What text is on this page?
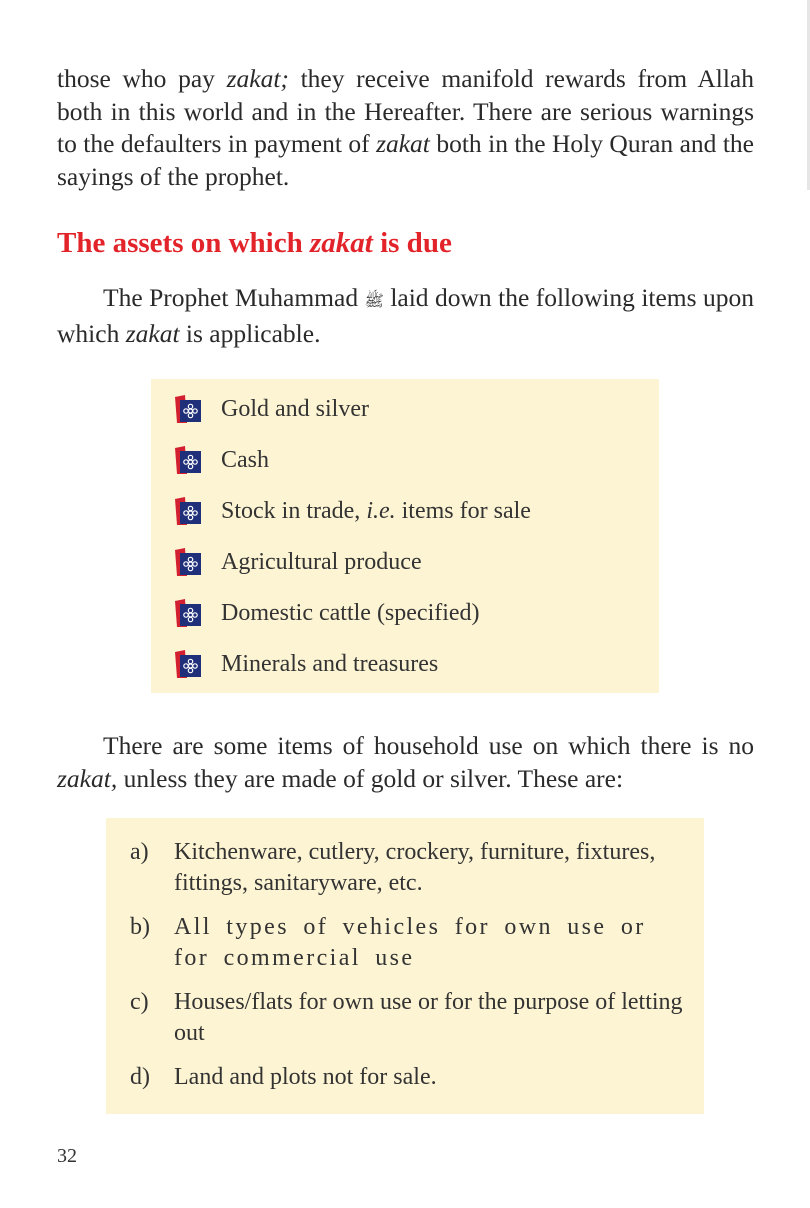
those who pay zakat; they receive manifold rewards from Allah both in this world and in the Hereafter. There are serious warnings to the defaulters in payment of zakat both in the Holy Quran and the sayings of the prophet.

The assets on which zakat is due

The Prophet Muhammad ﷺ laid down the following items upon which zakat is applicable.

Gold and silver
Cash
Stock in trade, i.e. items for sale
Agricultural produce
Domestic cattle (specified)
Minerals and treasures

There are some items of household use on which there is no zakat, unless they are made of gold or silver. These are:

a) Kitchenware, cutlery, crockery, furniture, fixtures, fittings, sanitaryware, etc.
b) All types of vehicles for own use or for commercial use
c) Houses/flats for own use or for the purpose of letting out
d) Land and plots not for sale.
32
